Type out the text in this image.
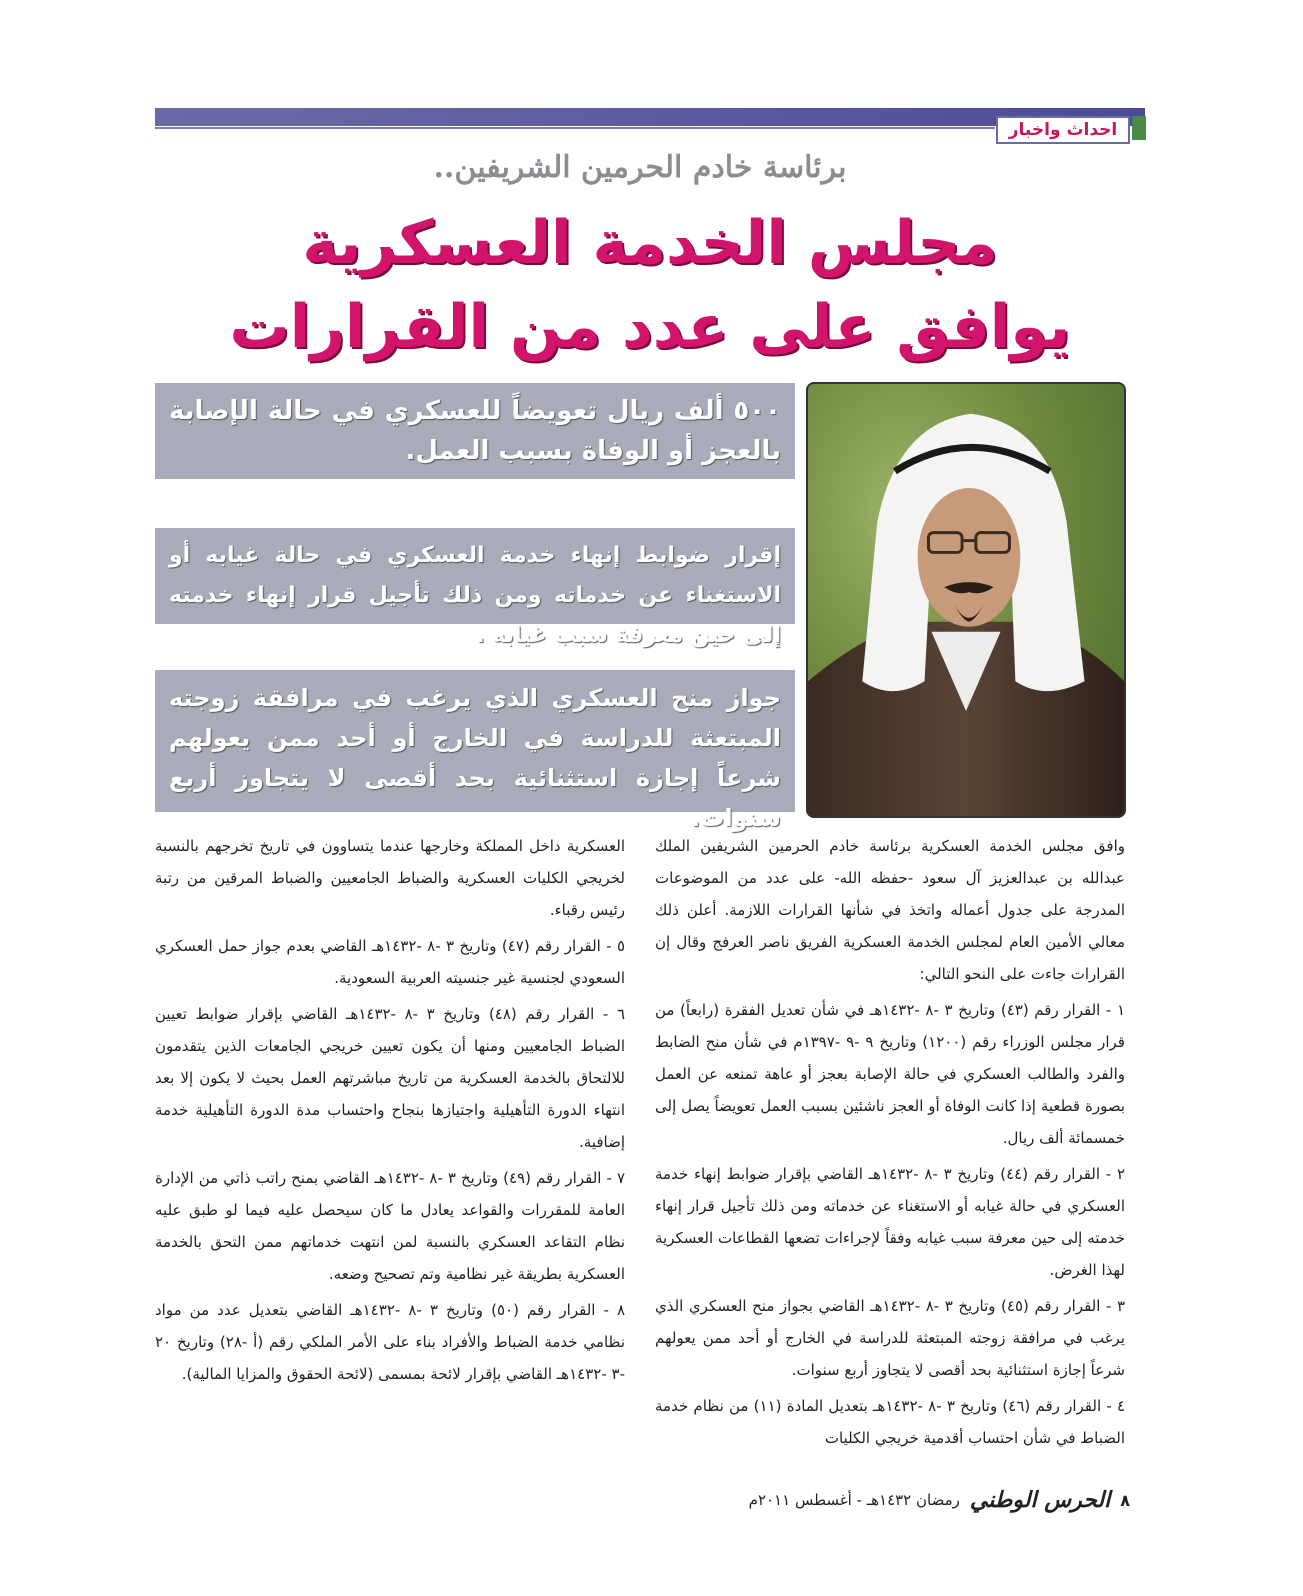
احداث واخبار
برئاسة خادم الحرمين الشريفين..
مجلس الخدمة العسكرية
يوافق على عدد من القرارات
٥٠٠ ألف ريال تعويضاً للعسكري في حالة الإصابة بالعجز أو الوفاة بسبب العمل.
إقرار ضوابط إنهاء خدمة العسكري في حالة غيابه أو الاستغناء عن خدماته ومن ذلك تأجيل قرار إنهاء خدمته إلى حين معرفة سبب غيابه .
جواز منح العسكري الذي يرغب في مرافقة زوجته المبتعثة للدراسة في الخارج أو أحد ممن يعولهم شرعاً إجازة استثنائية بحد أقصى لا يتجاوز أربع سنوات.

وافق مجلس الخدمة العسكرية برئاسة خادم الحرمين الشريفين الملك عبدالله بن عبدالعزيز آل سعود -حفظه الله- على عدد من الموضوعات المدرجة على جدول أعماله واتخذ في شأنها القرارات اللازمة. أعلن ذلك معالي الأمين العام لمجلس الخدمة العسكرية الفريق ناصر العرفج وقال إن القرارات جاءت على النحو التالي:

١ - القرار رقم (٤٣) وتاريخ ٣ -٨ -١٤٣٢هـ في شأن تعديل الفقرة (رابعاً) من قرار مجلس الوزراء رقم (١٢٠٠) وتاريخ ٩ -٩ -١٣٩٧م في شأن منح الضابط والفرد والطالب العسكري في حالة الإصابة بعجز أو عاهة تمنعه عن العمل بصورة قطعية إذا كانت الوفاة أو العجز ناشئين بسبب العمل تعويضاً يصل إلى خمسمائة ألف ريال.

٢ - القرار رقم (٤٤) وتاريخ ٣ -٨ -١٤٣٢هـ القاضي بإقرار ضوابط إنهاء خدمة العسكري في حالة غيابه أو الاستغناء عن خدماته ومن ذلك تأجيل قرار إنهاء خدمته إلى حين معرفة سبب غيابه وفقاً لإجراءات تضعها القطاعات العسكرية لهذا الغرض.

٣ - القرار رقم (٤٥) وتاريخ ٣ -٨ -١٤٣٢هـ القاضي بجواز منح العسكري الذي يرغب في مرافقة زوجته المبتعثة للدراسة في الخارج أو أحد ممن يعولهم شرعاً إجازة استثنائية بحد أقصى لا يتجاوز أربع سنوات.

٤ - القرار رقم (٤٦) وتاريخ ٣ -٨ -١٤٣٢هـ بتعديل المادة (١١) من نظام خدمة الضباط في شأن احتساب أقدمية خريجي الكليات

العسكرية داخل المملكة وخارجها عندما يتساوون في تاريخ تخرجهم بالنسبة لخريجي الكليات العسكرية والضباط الجامعيين والضباط المرقين من رتبة رئيس رقباء.

٥ - القرار رقم (٤٧) وتاريخ ٣ -٨ -١٤٣٢هـ القاضي بعدم جواز حمل العسكري السعودي لجنسية غير جنسيته العربية السعودية.

٦ - القرار رقم (٤٨) وتاريخ ٣ -٨ -١٤٣٢هـ القاضي بإقرار ضوابط تعيين الضباط الجامعيين ومنها أن يكون تعيين خريجي الجامعات الذين يتقدمون للالتحاق بالخدمة العسكرية من تاريخ مباشرتهم العمل بحيث لا يكون إلا بعد انتهاء الدورة التأهيلية واجتيازها بنجاح واحتساب مدة الدورة التأهيلية خدمة إضافية.

٧ - القرار رقم (٤٩) وتاريخ ٣ -٨ -١٤٣٢هـ القاضي بمنح راتب ذاتي من الإدارة العامة للمقررات والقواعد يعادل ما كان سيحصل عليه فيما لو طبق عليه نظام التقاعد العسكري بالنسبة لمن انتهت خدماتهم ممن التحق بالخدمة العسكرية بطريقة غير نظامية وتم تصحيح وضعه.

٨ - القرار رقم (٥٠) وتاريخ ٣ -٨ -١٤٣٢هـ القاضي بتعديل عدد من مواد نظامي خدمة الضباط والأفراد بناء على الأمر الملكي رقم (أ -٢٨) وتاريخ ٢٠ -٣ -١٤٣٢هـ القاضي بإقرار لائحة بمسمى (لائحة الحقوق والمزايا المالية).

٨
الحرس الوطني
رمضان ١٤٣٢هـ - أغسطس ٢٠١١م
